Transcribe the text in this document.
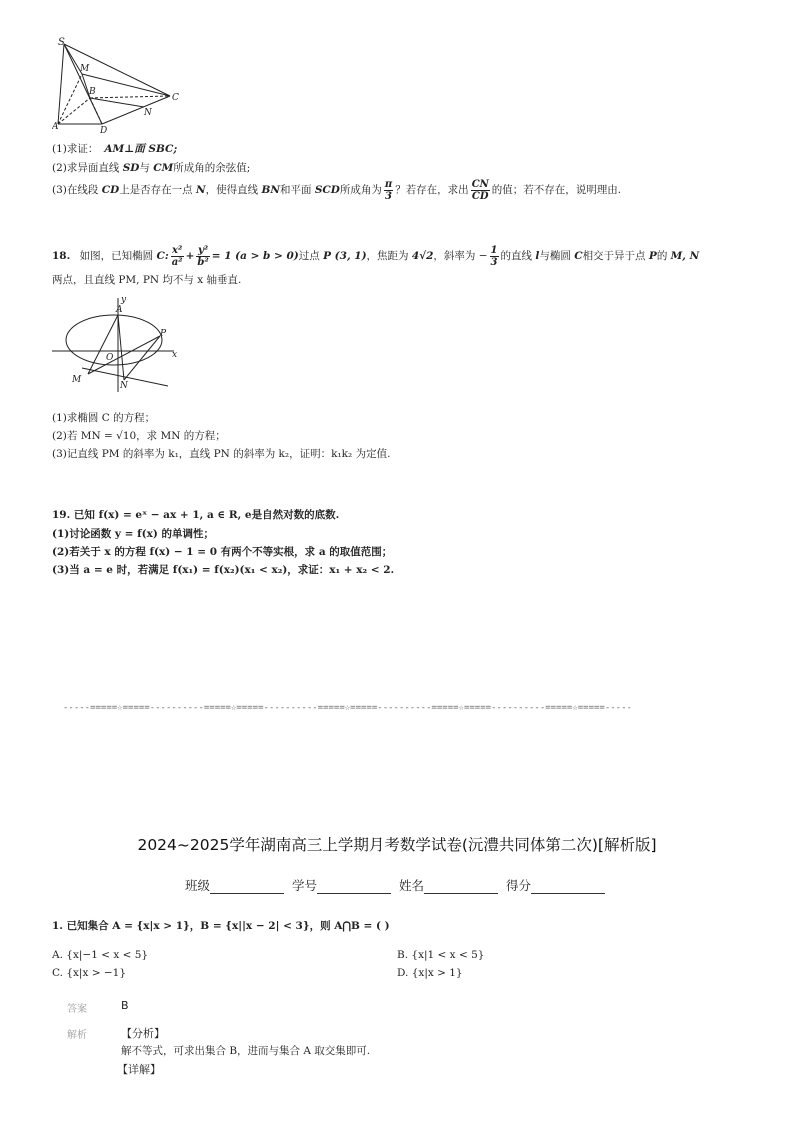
S
M
B
C
N
A	D
(1)求证： AM⊥面 SBC;
(2)求异面直线 SD与 CM所成角的余弦值;
(3)在线段 CD上是否存在一点 N，使得直线 BN和平面 SCD所成角为 $\frac{\pi}{3}$ ？若存在，求出 $\frac{CN}{CD}$ 的值；若不存在，说明理由.
18. 如图，已知椭圆 C: $\frac{\text{x²}}{\text{a²}} + \frac{\text{y²}}{\text{b²}} = 1$ (a > b > 0)过点 P (3, 1)，焦距为 4√2，斜率为 − $\frac{1}{3}$ 的直线 l与椭圆 C相交于异于点 P的 M, N
两点，且直线 PM, PN 均不与 x 轴垂直.
y
A
P
O	x
M
N
(1)求椭圆 C 的方程；
(2)若 MN = √10，求 MN 的方程；
(3)记直线 PM 的斜率为 k₁，直线 PN 的斜率为 k₂，证明：k₁k₂ 为定值.
19. 已知 f(x) = eˣ − ax + 1, a ∈ R, e是自然对数的底数.
(1)讨论函数 y = f(x) 的单调性；
(2)若关于 x 的方程 f(x) − 1 = 0 有两个不等实根，求 a 的取值范围；
(3)当 a = e 时，若满足 f(x₁) = f(x₂)(x₁ < x₂)，求证：x₁ + x₂ < 2.
-----=====☆=====----------=====☆=====----------=====☆=====----------=====☆=====----------=====☆=====-----
2024~2025学年湖南高三上学期月考数学试卷(沅澧共同体第二次)[解析版]
班级	学号	姓名	得分
1. 已知集合 A = {x|x > 1}，B = {x||x − 2| < 3}，则 A⋂B = ( )
A. {x|−1 < x < 5}	B. {x|1 < x < 5}
C. {x|x > −1}	D. {x|x > 1}
答案	B
解析	【分析】
解不等式，可求出集合 B，进而与集合 A 取交集即可.
【详解】
